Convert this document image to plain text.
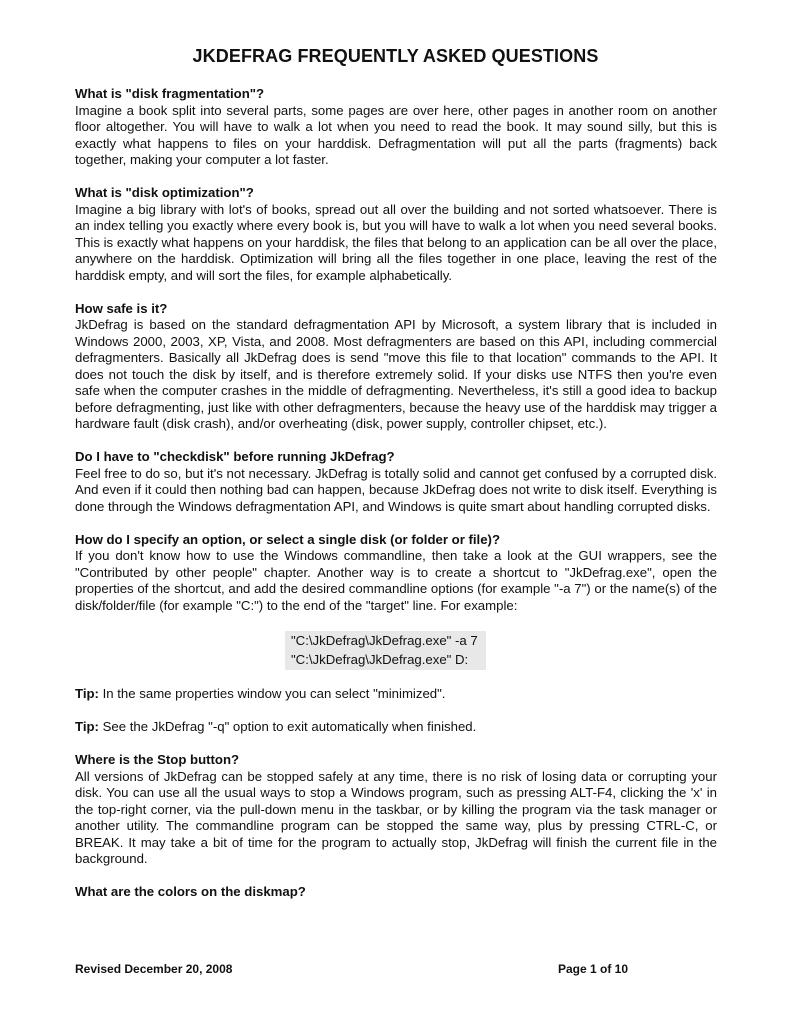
JKDEFRAG FREQUENTLY ASKED QUESTIONS

What is "disk fragmentation"?

Imagine a book split into several parts, some pages are over here, other pages in another room on another floor altogether. You will have to walk a lot when you need to read the book. It may sound silly, but this is exactly what happens to files on your harddisk. Defragmentation will put all the parts (fragments) back together, making your computer a lot faster.

What is "disk optimization"?

Imagine a big library with lot's of books, spread out all over the building and not sorted whatsoever. There is an index telling you exactly where every book is, but you will have to walk a lot when you need several books. This is exactly what happens on your harddisk, the files that belong to an application can be all over the place, anywhere on the harddisk. Optimization will bring all the files together in one place, leaving the rest of the harddisk empty, and will sort the files, for example alphabetically.

How safe is it?

JkDefrag is based on the standard defragmentation API by Microsoft, a system library that is included in Windows 2000, 2003, XP, Vista, and 2008. Most defragmenters are based on this API, including commercial defragmenters. Basically all JkDefrag does is send "move this file to that location" commands to the API. It does not touch the disk by itself, and is therefore extremely solid. If your disks use NTFS then you're even safe when the computer crashes in the middle of defragmenting. Nevertheless, it's still a good idea to backup before defragmenting, just like with other defragmenters, because the heavy use of the harddisk may trigger a hardware fault (disk crash), and/or overheating (disk, power supply, controller chipset, etc.).

Do I have to "checkdisk" before running JkDefrag?

Feel free to do so, but it's not necessary. JkDefrag is totally solid and cannot get confused by a corrupted disk. And even if it could then nothing bad can happen, because JkDefrag does not write to disk itself. Everything is done through the Windows defragmentation API, and Windows is quite smart about handling corrupted disks.

How do I specify an option, or select a single disk (or folder or file)?

If you don't know how to use the Windows commandline, then take a look at the GUI wrappers, see the "Contributed by other people" chapter. Another way is to create a shortcut to "JkDefrag.exe", open the properties of the shortcut, and add the desired commandline options (for example "-a 7") or the name(s) of the disk/folder/file (for example "C:") to the end of the "target" line. For example:

"C:\JkDefrag\JkDefrag.exe" -a 7
"C:\JkDefrag\JkDefrag.exe" D:

Tip: In the same properties window you can select "minimized".

Tip: See the JkDefrag "-q" option to exit automatically when finished.

Where is the Stop button?

All versions of JkDefrag can be stopped safely at any time, there is no risk of losing data or corrupting your disk. You can use all the usual ways to stop a Windows program, such as pressing ALT-F4, clicking the 'x' in the top-right corner, via the pull-down menu in the taskbar, or by killing the program via the task manager or another utility. The commandline program can be stopped the same way, plus by pressing CTRL-C, or BREAK. It may take a bit of time for the program to actually stop, JkDefrag will finish the current file in the background.

What are the colors on the diskmap?

Revised December 20, 2008	Page 1 of 10
